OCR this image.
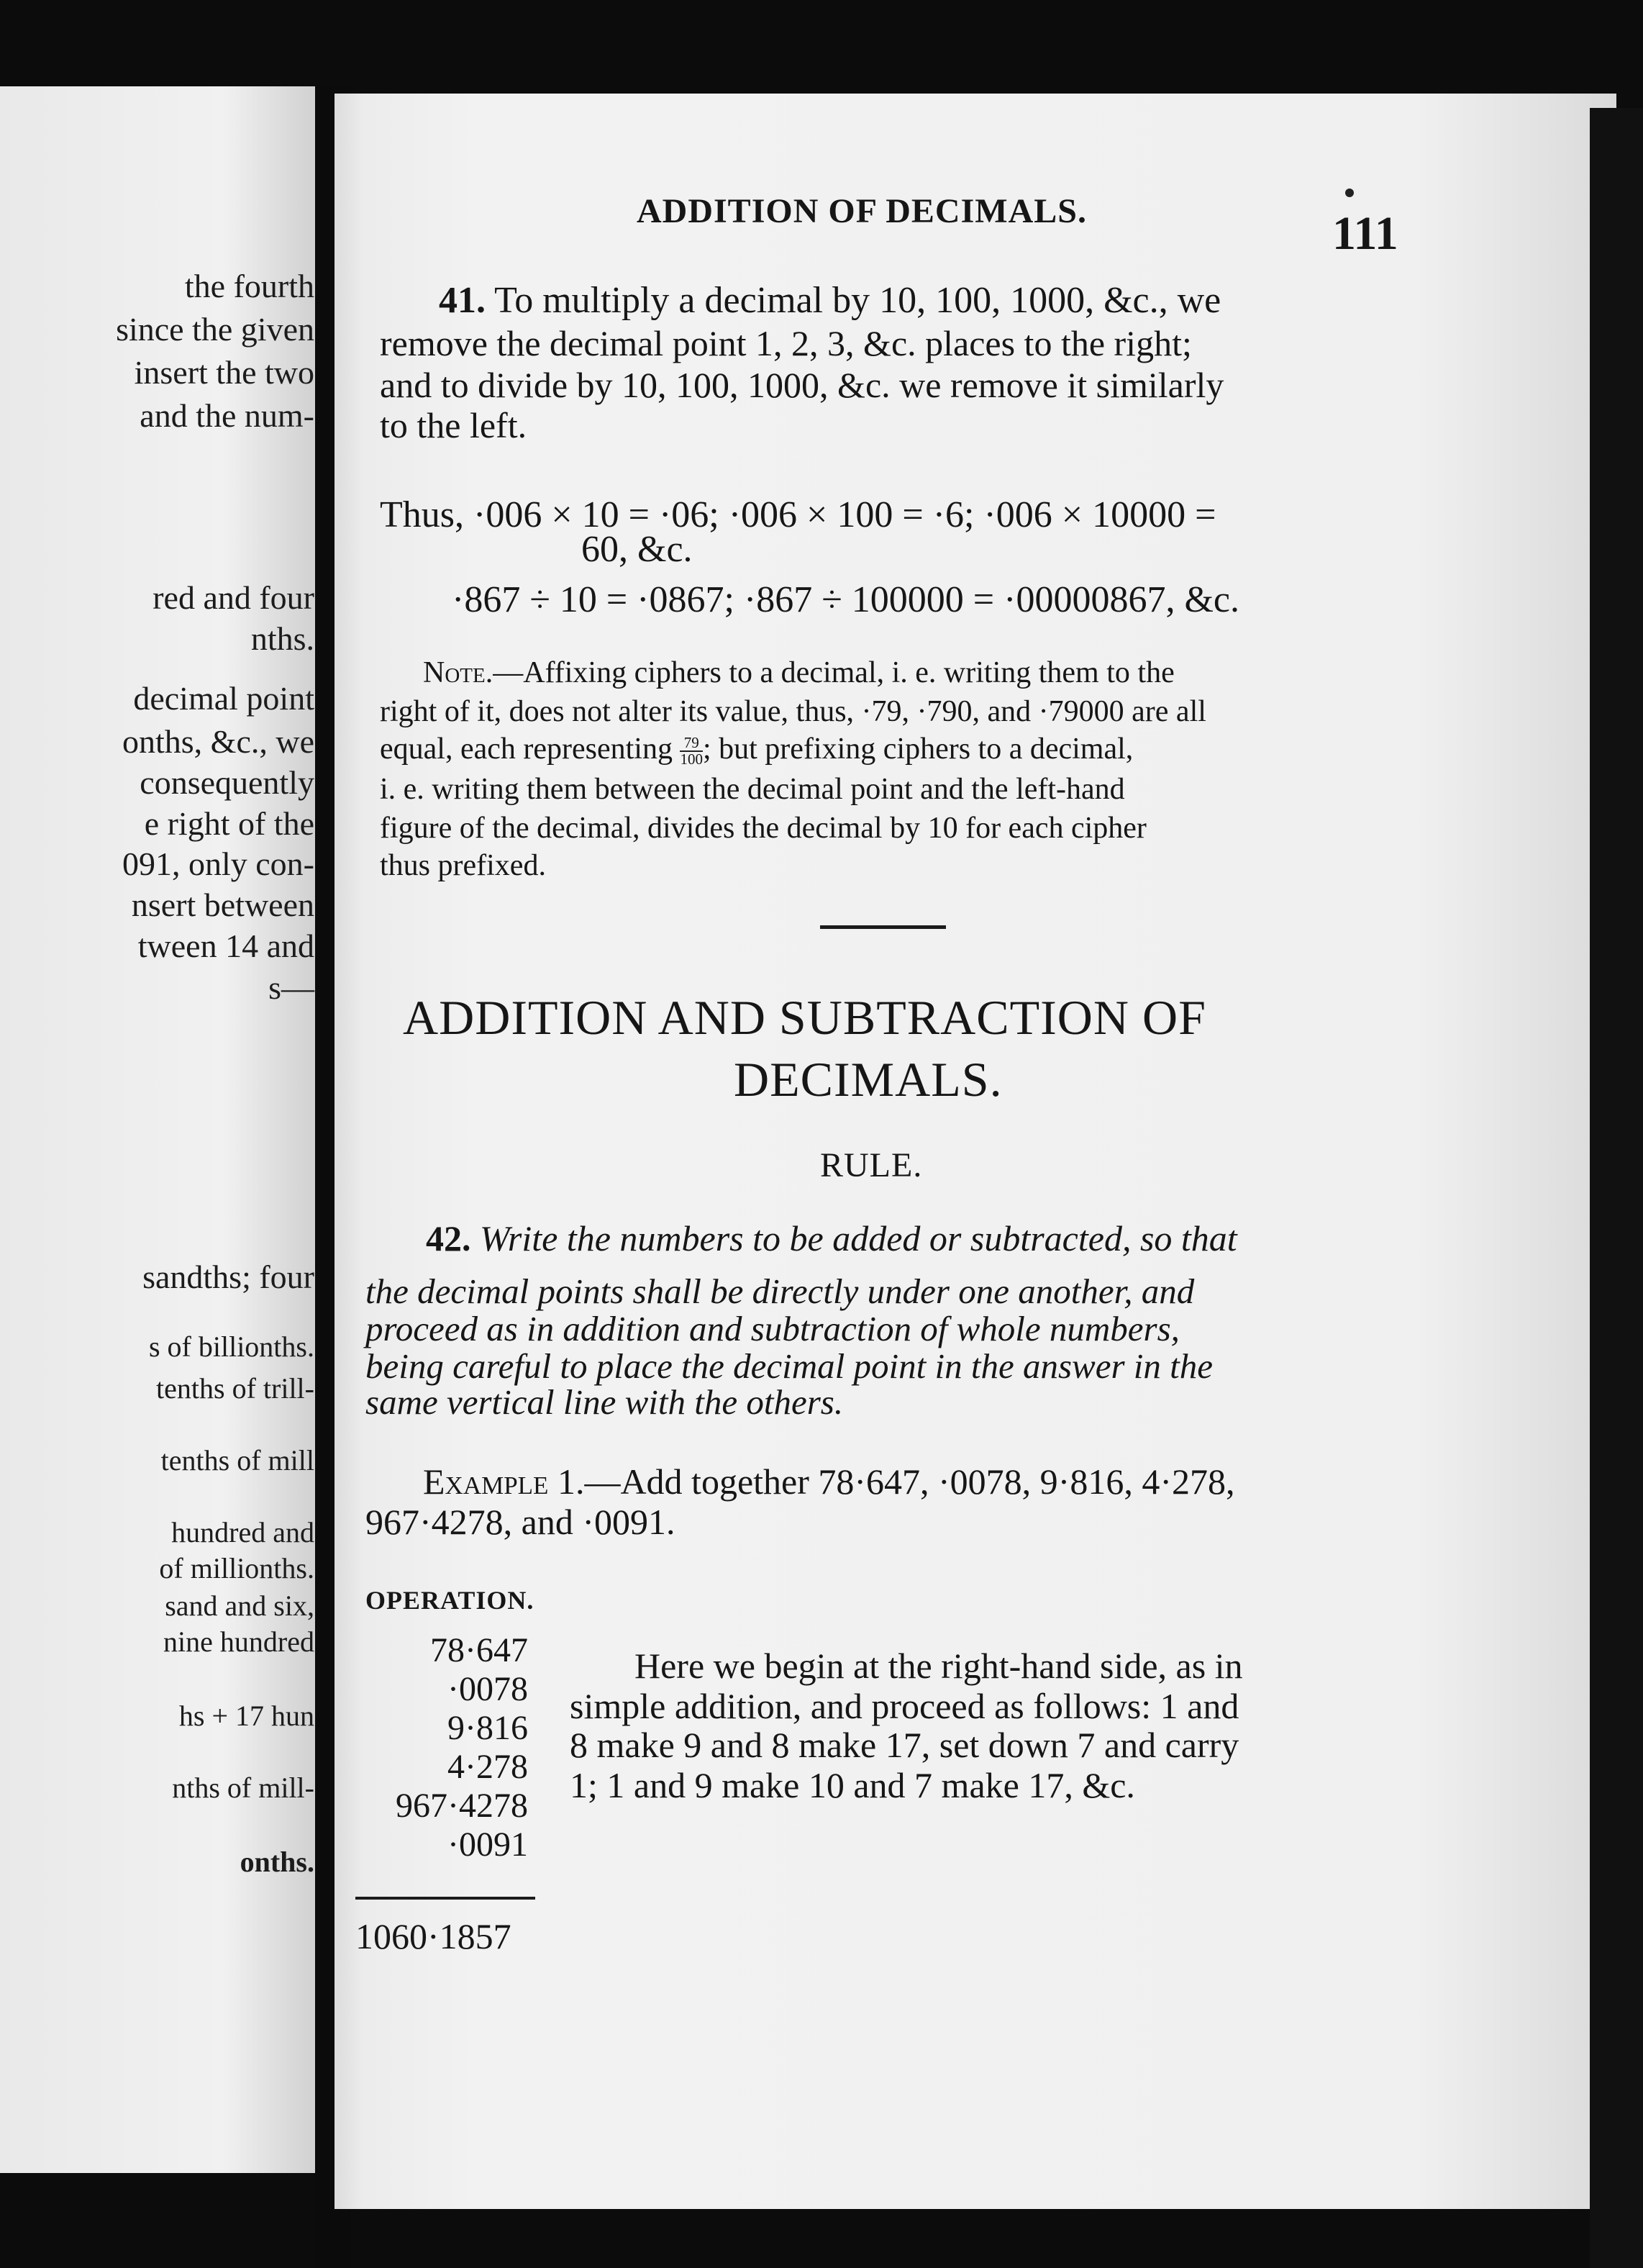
the fourth
since the given
insert the two
and the num-
red and four
nths.
decimal point
onths, &c., we
consequently
e right of the
091, only con-
nsert between
tween 14 and
s—
sandths; four
s of billionths.
tenths of trill-
tenths of mill
hundred and
of millionths.
sand and six,
nine hundred
hs + 17 hun
nths of mill-
onths.
ADDITION OF DECIMALS.	111
41. To multiply a decimal by 10, 100, 1000, &c., we
remove the decimal point 1, 2, 3, &c. places to the right;
and to divide by 10, 100, 1000, &c. we remove it similarly
to the left.
Thus, ·006 × 10 = ·06; ·006 × 100 = ·6; ·006 × 10000 =
60, &c.
·867 ÷ 10 = ·0867; ·867 ÷ 100000 = ·00000867, &c.
Note.—Affixing ciphers to a decimal, i. e. writing them to the
right of it, does not alter its value, thus, ·79, ·790, and ·79000 are all
equal, each representing $\frac{79}{100}$ ; but prefixing ciphers to a decimal,
i. e. writing them between the decimal point and the left-hand
figure of the decimal, divides the decimal by 10 for each cipher
thus prefixed.
ADDITION AND SUBTRACTION OF
DECIMALS.
RULE.
42. Write the numbers to be added or subtracted, so that
the decimal points shall be directly under one another, and
proceed as in addition and subtraction of whole numbers,
being careful to place the decimal point in the answer in the
same vertical line with the others.
Example 1.—Add together 78·647, ·0078, 9·816, 4·278,
967·4278, and ·0091.
OPERATION.
78·647
·0078
9·816
4·278
967·4278
·0091
1060·1857
Here we begin at the right-hand side, as in
simple addition, and proceed as follows: 1 and
8 make 9 and 8 make 17, set down 7 and carry
1; 1 and 9 make 10 and 7 make 17, &c.
